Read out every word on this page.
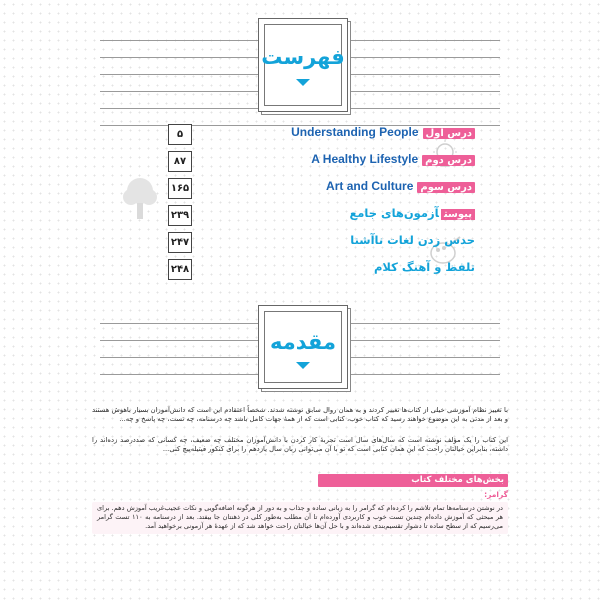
فهرست
۵	درس اولUnderstanding People
۸۷	درس دومA Healthy Lifestyle
۱۶۵	درس سومArt and Culture
۲۳۹	پیوستآزمون‌های جامع
۲۴۷	حدس زدن لغات ناآشنا
۲۴۸	تلفظ و آهنگ کلام
مقدمه
با تغییر نظام آموزشی خیلی از کتاب‌ها تغییر کردند و به همان روال سابق نوشته شدند. شخصاً اعتقادم این است که دانش‌آموزان بسیار باهوش هستند و بعد از مدتی به این موضوع خواهند رسید که کتاب خوب، کتابی است که از همهٔ جهات کامل باشد چه درسنامه، چه تست، چه پاسخ و چه...
این کتاب را یک مؤلف نوشته است که سال‌های سال است تجربهٔ کار کردن با دانش‌آموزان مختلف چه ضعیف، چه کسانی که صددرصد زده‌اند را داشته، بنابراین خیالتان راحت که این همان کتابی است که تو با آن می‌توانی زبان سال یازدهم را برای کنکور فیتیله‌پیچ کنی...
بخش‌های مختلف کتاب
گرامر:
در نوشتن درسنامه‌ها تمام تلاشم را کرده‌ام که گرامر را به زبانی ساده و جذاب و به دور از هرگونه اضافه‌گویی و نکات عجیب‌غریب آموزش دهم. برای هر مبحثی که آموزش داده‌ام چندین تست خوب و کاربردی آورده‌ام تا آن مطلب به‌طور کلی در ذهنتان جا بیفتد. بعد از درسنامه به ۱۱۰ تست گرامر می‌رسیم که از سطح ساده تا دشوار تقسیم‌بندی شده‌اند و با حل آن‌ها خیالتان راحت خواهد شد که از عهدهٔ هر آزمونی برخواهید آمد.
